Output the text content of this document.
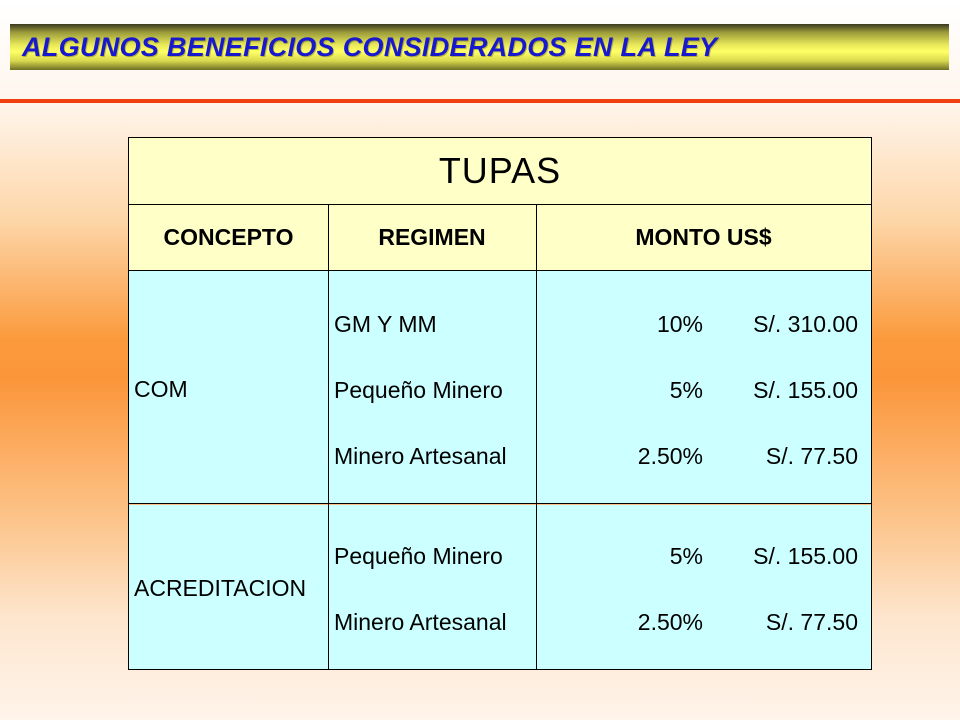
ALGUNOS BENEFICIOS CONSIDERADOS EN LA LEY
TUPAS
CONCEPTO	REGIMEN	MONTO US$
COM
GM Y MM	10%	S/. 310.00
Pequeño Minero	5%	S/. 155.00
Minero Artesanal	2.50%	S/. 77.50
ACREDITACION
Pequeño Minero	5%	S/. 155.00
Minero Artesanal	2.50%	S/. 77.50
